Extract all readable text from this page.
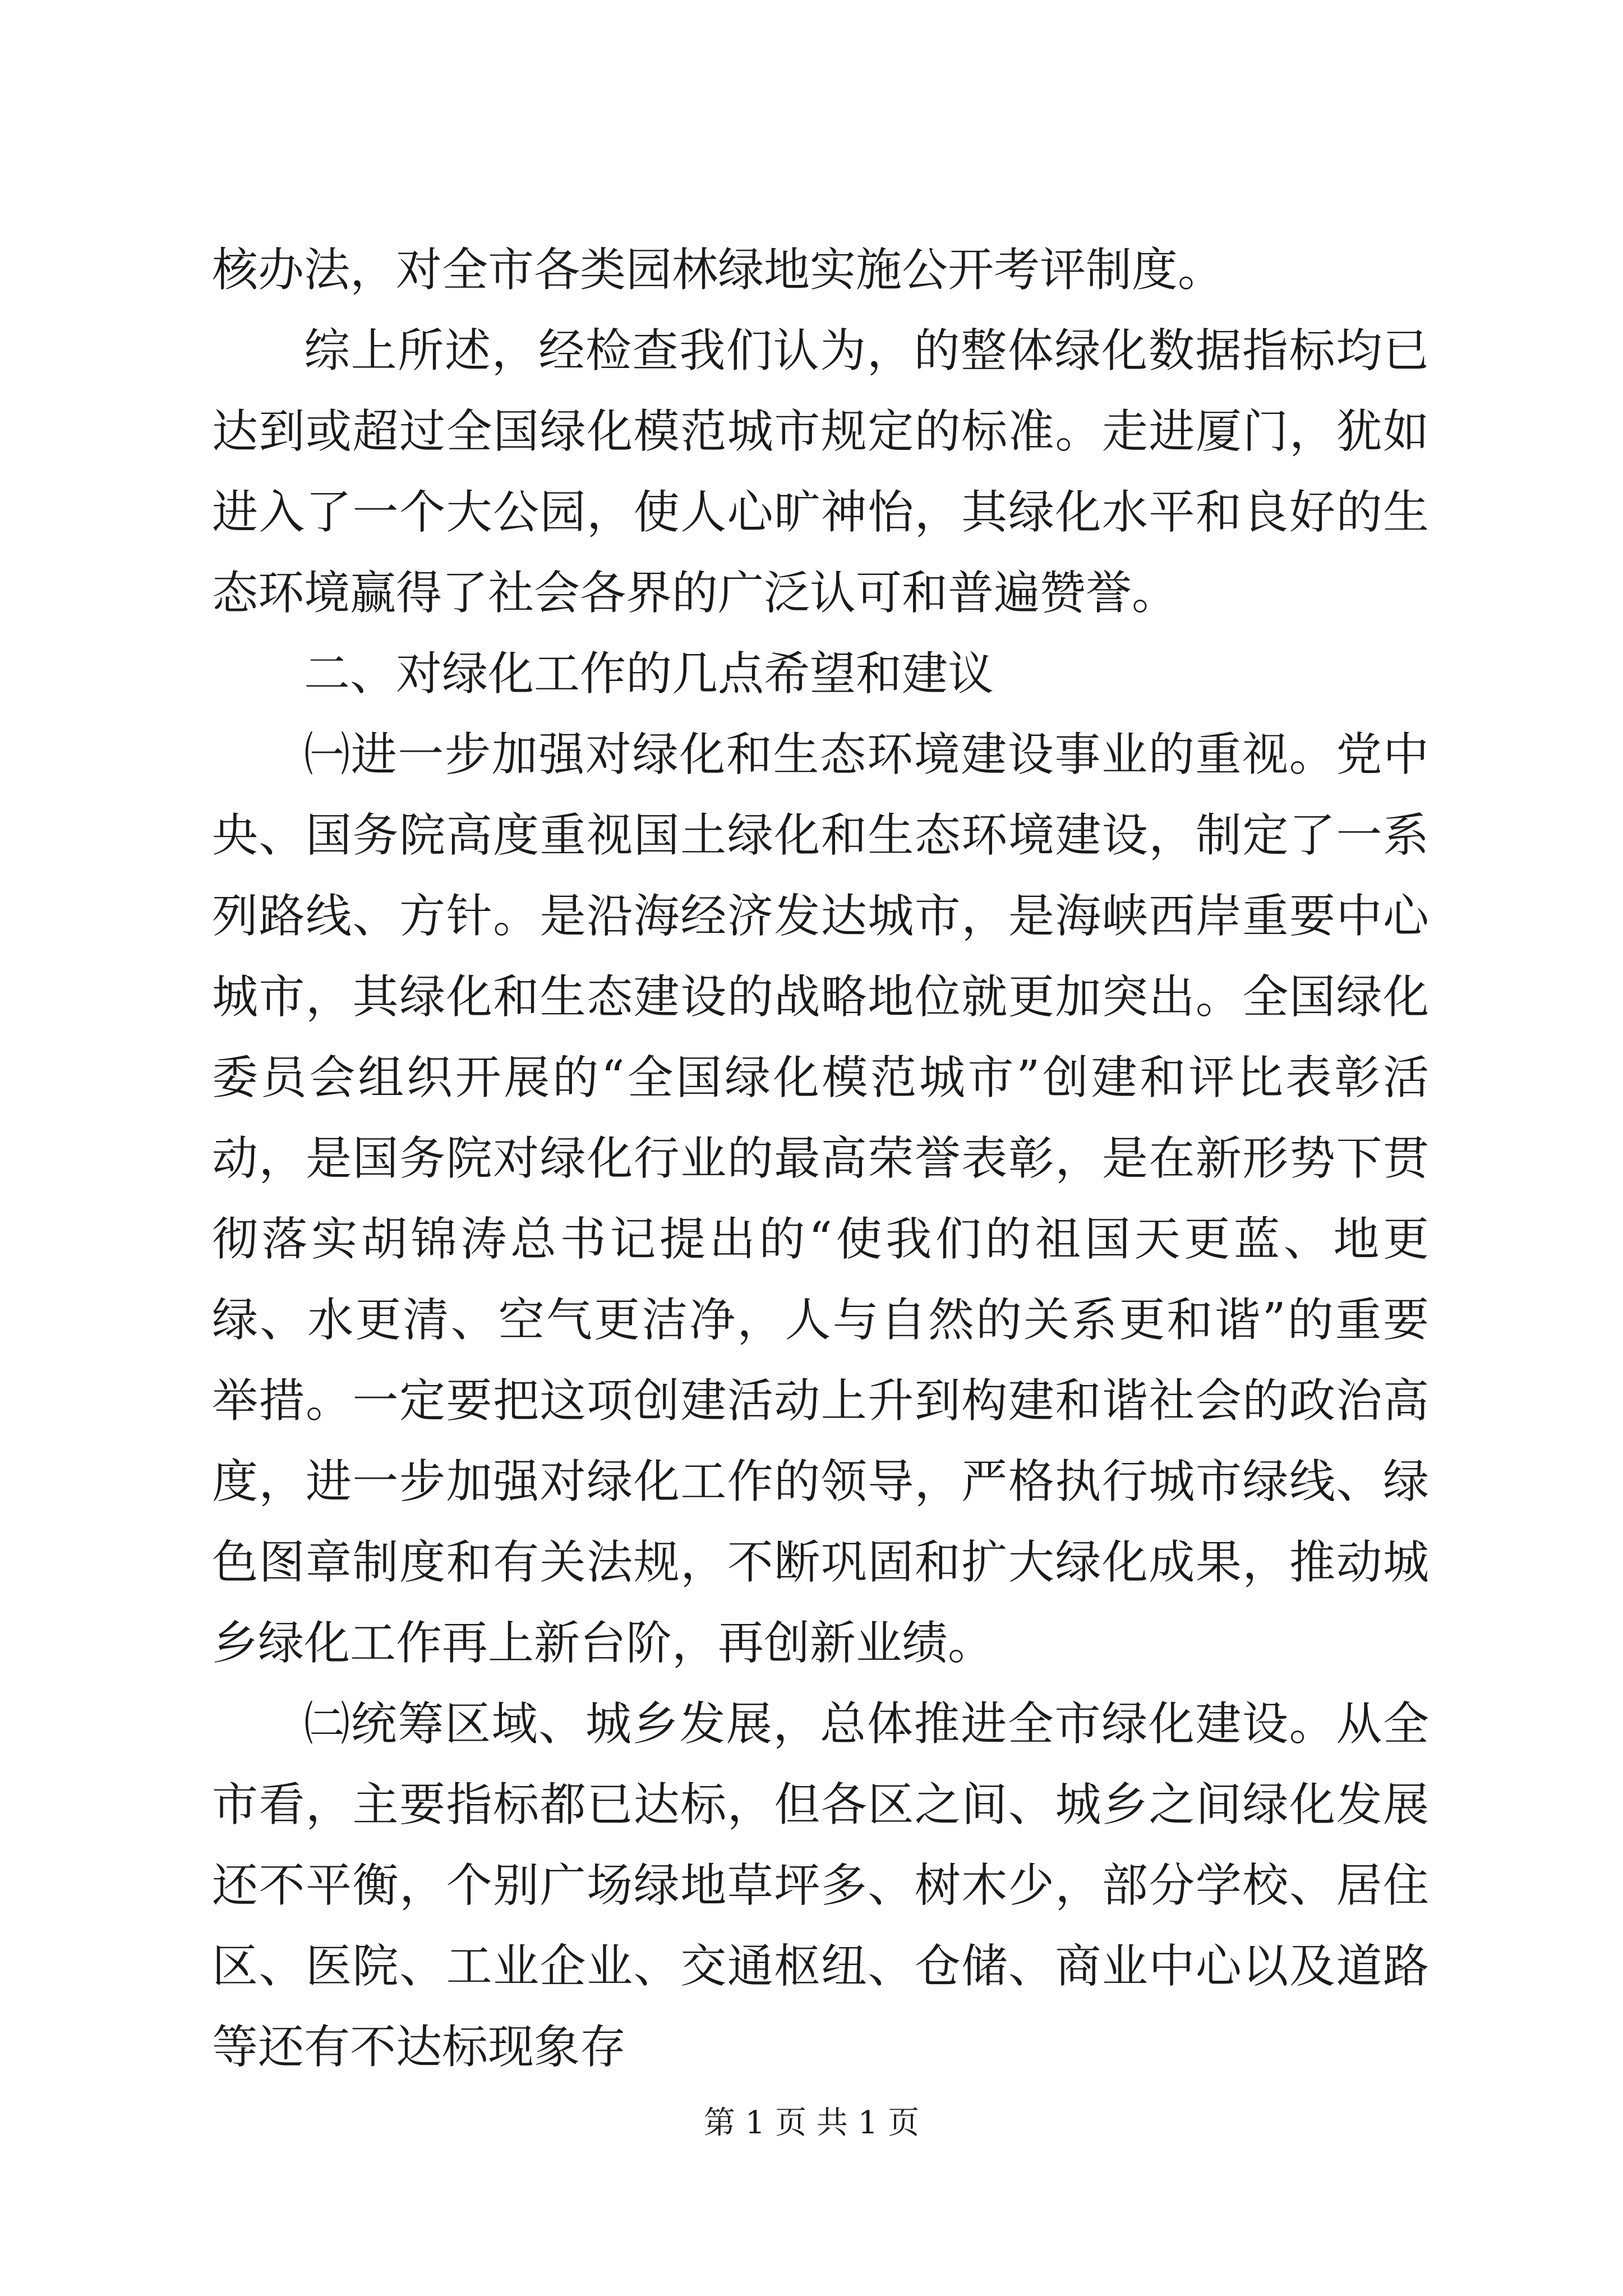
核办法，对全市各类园林绿地实施公开考评制度。

综上所述，经检查我们认为，的整体绿化数据指标均已达到或超过全国绿化模范城市规定的标准。走进厦门，犹如进入了一个大公园，使人心旷神怡，其绿化水平和良好的生态环境赢得了社会各界的广泛认可和普遍赞誉。

二、对绿化工作的几点希望和建议

㈠进一步加强对绿化和生态环境建设事业的重视。党中央、国务院高度重视国土绿化和生态环境建设，制定了一系列路线、方针。是沿海经济发达城市，是海峡西岸重要中心城市，其绿化和生态建设的战略地位就更加突出。全国绿化委员会组织开展的“全国绿化模范城市”创建和评比表彰活动，是国务院对绿化行业的最高荣誉表彰，是在新形势下贯彻落实胡锦涛总书记提出的“使我们的祖国天更蓝、地更绿、水更清、空气更洁净，人与自然的关系更和谐”的重要举措。一定要把这项创建活动上升到构建和谐社会的政治高度，进一步加强对绿化工作的领导，严格执行城市绿线、绿色图章制度和有关法规，不断巩固和扩大绿化成果，推动城乡绿化工作再上新台阶，再创新业绩。

㈡统筹区域、城乡发展，总体推进全市绿化建设。从全市看，主要指标都已达标，但各区之间、城乡之间绿化发展还不平衡，个别广场绿地草坪多、树木少，部分学校、居住区、医院、工业企业、交通枢纽、仓储、商业中心以及道路等还有不达标现象存

第 1 页 共 1 页
